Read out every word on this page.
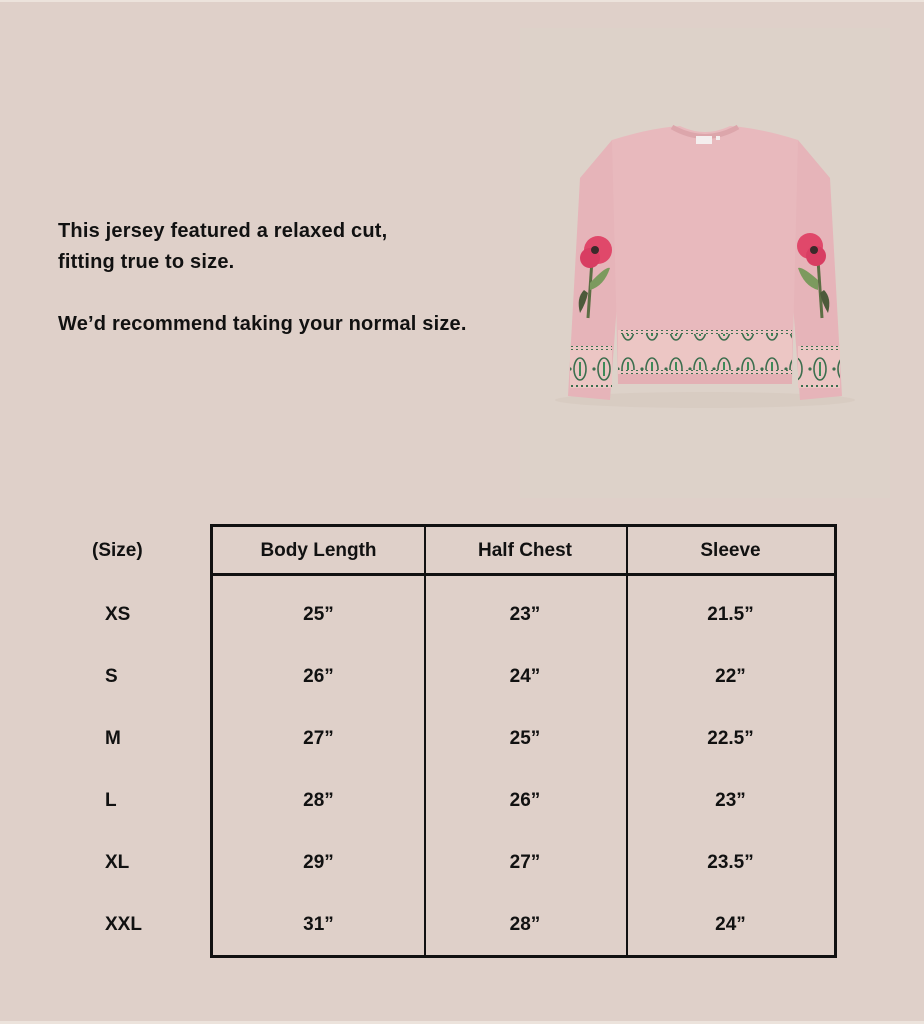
This jersey featured a relaxed cut,

fitting true to size.

We’d recommend taking your normal size.

(Size)	Body Length	Half Chest	Sleeve
XS	25”	23”	21.5”
S	26”	24”	22”
M	27”	25”	22.5”
L	28”	26”	23”
XL	29”	27”	23.5”
XXL	31”	28”	24”
